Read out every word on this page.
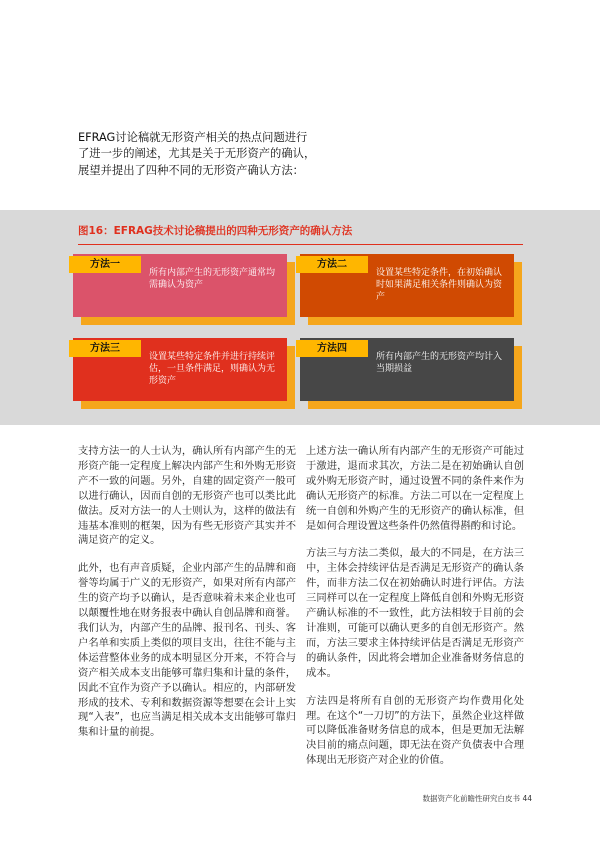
EFRAG讨论稿就无形资产相关的热点问题进行了进一步的阐述，尤其是关于无形资产的确认，展望并提出了四种不同的无形资产确认方法：
图16：EFRAG技术讨论稿提出的四种无形资产的确认方法
方法一
所有内部产生的无形资产通常均需确认为资产
方法二
设置某些特定条件，在初始确认时如果满足相关条件则确认为资产
方法三
设置某些特定条件并进行持续评估，一旦条件满足，则确认为无形资产
方法四
所有内部产生的无形资产均计入当期损益

支持方法一的人士认为，确认所有内部产生的无形资产能一定程度上解决内部产生和外购无形资产不一致的问题。另外，自建的固定资产一般可以进行确认，因而自创的无形资产也可以类比此做法。反对方法一的人士则认为，这样的做法有违基本准则的框架，因为有些无形资产其实并不满足资产的定义。

此外，也有声音质疑，企业内部产生的品牌和商誉等均属于广义的无形资产，如果对所有内部产生的资产均予以确认，是否意味着未来企业也可以颠覆性地在财务报表中确认自创品牌和商誉。我们认为，内部产生的品牌、报刊名、刊头、客户名单和实质上类似的项目支出，往往不能与主体运营整体业务的成本明显区分开来，不符合与资产相关成本支出能够可靠归集和计量的条件，因此不宜作为资产予以确认。相应的，内部研发形成的技术、专利和数据资源等想要在会计上实现“入表”，也应当满足相关成本支出能够可靠归集和计量的前提。

上述方法一确认所有内部产生的无形资产可能过于激进，退而求其次，方法二是在初始确认自创或外购无形资产时，通过设置不同的条件来作为确认无形资产的标准。方法二可以在一定程度上统一自创和外购产生的无形资产的确认标准，但是如何合理设置这些条件仍然值得斟酌和讨论。

方法三与方法二类似，最大的不同是，在方法三中，主体会持续评估是否满足无形资产的确认条件，而非方法二仅在初始确认时进行评估。方法三同样可以在一定程度上降低自创和外购无形资产确认标准的不一致性，此方法相较于目前的会计准则，可能可以确认更多的自创无形资产。然而，方法三要求主体持续评估是否满足无形资产的确认条件，因此将会增加企业准备财务信息的成本。

方法四是将所有自创的无形资产均作费用化处理。在这个“一刀切”的方法下，虽然企业这样做可以降低准备财务信息的成本，但是更加无法解决目前的痛点问题，即无法在资产负债表中合理体现出无形资产对企业的价值。

数据资产化前瞻性研究白皮书 44
